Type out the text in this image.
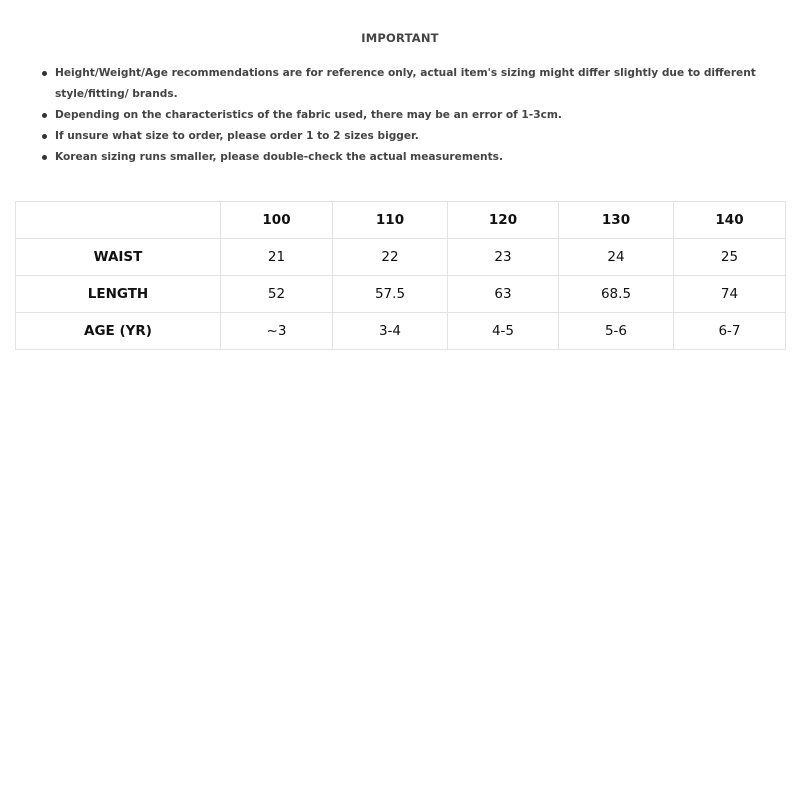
IMPORTANT
Height/Weight/Age recommendations are for reference only, actual item's sizing might differ slightly due to different style/fitting/ brands.
Depending on the characteristics of the fabric used, there may be an error of 1-3cm.
If unsure what size to order, please order 1 to 2 sizes bigger.
Korean sizing runs smaller, please double-check the actual measurements.
	100	110	120	130	140
WAIST	21	22	23	24	25
LENGTH	52	57.5	63	68.5	74
AGE (YR)	~3	3-4	4-5	5-6	6-7
